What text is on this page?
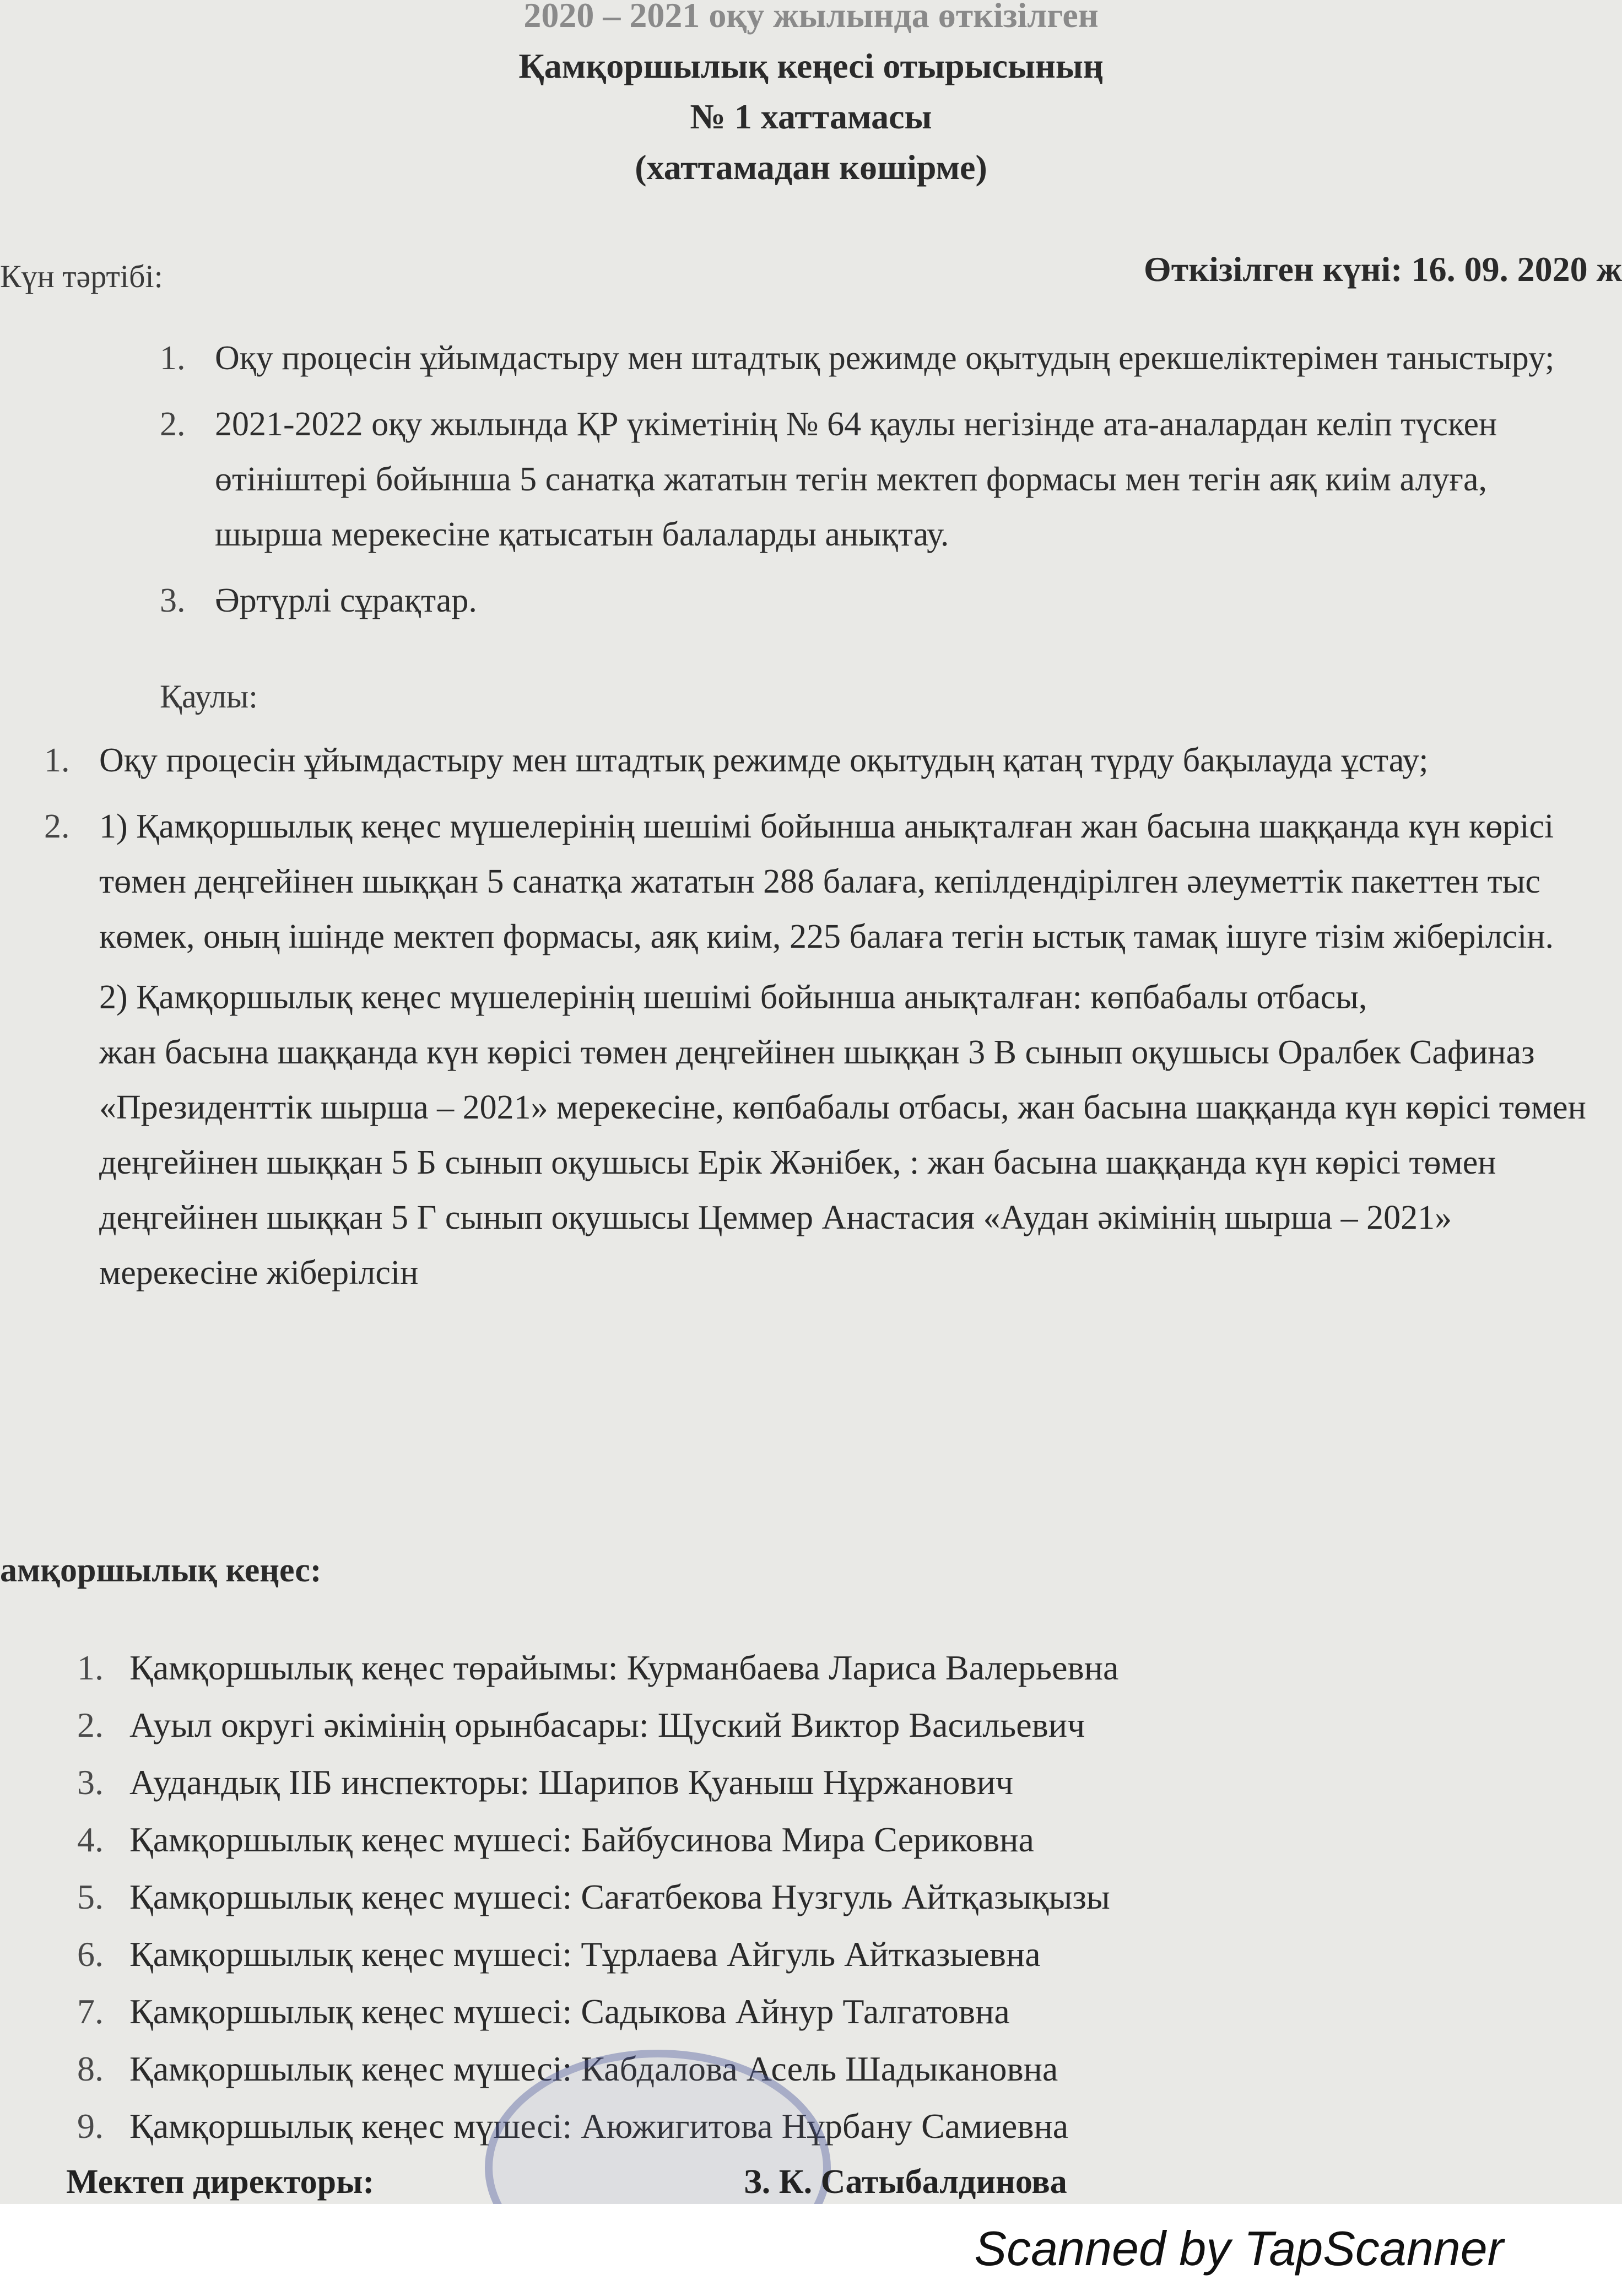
2020 – 2021 оқу жылында өткізілген
Қамқоршылық кеңесі отырысының
№ 1 хаттамасы
(хаттамадан көшірме)
Күн тәртібі:	Өткізілген күні: 16. 09. 2020 ж
1. Оқу процесін ұйымдастыру мен штадтық режимде оқытудың ерекшеліктерімен таныстыру;
2. 2021-2022 оқу жылында ҚР үкіметінің № 64 қаулы негізінде ата-аналардан келіп түскен өтініштері бойынша 5 санатқа жататын тегін мектеп формасы мен тегін аяқ киім алуға, шырша мерекесіне қатысатын балаларды анықтау.
3. Әртүрлі сұрақтар.
Қаулы:
1. Оқу процесін ұйымдастыру мен штадтық режимде оқытудың қатаң түрду бақылауда ұстау;
2. 1) Қамқоршылық кеңес мүшелерінің шешімі бойынша анықталған жан басына шаққанда күн көрісі төмен деңгейінен шыққан 5 санатқа жататын 288 балаға, кепілдендірілген әлеуметтік пакеттен тыс көмек, оның ішінде мектеп формасы, аяқ киім, 225 балаға тегін ыстық тамақ ішуге тізім жіберілсін.

2) Қамқоршылық кеңес мүшелерінің шешімі бойынша анықталған: көпбабалы отбасы,

жан басына шаққанда күн көрісі төмен деңгейінен шыққан 3 В сынып оқушысы Оралбек Сафиназ «Президенттік шырша – 2021» мерекесіне, көпбабалы отбасы, жан басына шаққанда күн көрісі төмен деңгейінен шыққан 5 Б сынып оқушысы Ерік Жәнібек, : жан басына шаққанда күн көрісі төмен деңгейінен шыққан 5 Г сынып оқушысы Цеммер Анастасия «Аудан әкімінің шырша – 2021» мерекесіне жіберілсін

амқоршылық кеңес:
1. Қамқоршылық кеңес төрайымы: Курманбаева Лариса Валерьевна
2. Ауыл округі әкімінің орынбасары: Щуский Виктор Васильевич
3. Аудандық ІІБ инспекторы: Шарипов Қуаныш Нұржанович
4. Қамқоршылық кеңес мүшесі: Байбусинова Мира Сериковна
5. Қамқоршылық кеңес мүшесі: Сағатбекова Нузгуль Айтқазықызы
6. Қамқоршылық кеңес мүшесі: Тұрлаева Айгуль Айтказыевна
7. Қамқоршылық кеңес мүшесі: Садыкова Айнур Талгатовна
8. Қамқоршылық кеңес мүшесі: Кабдалова Асель Шадыкановна
9. Қамқоршылық кеңес мүшесі: Аюжигитова Нұрбану Самиевна
Мектеп директоры:	З. К. Сатыбалдинова
Scanned by TapScanner
